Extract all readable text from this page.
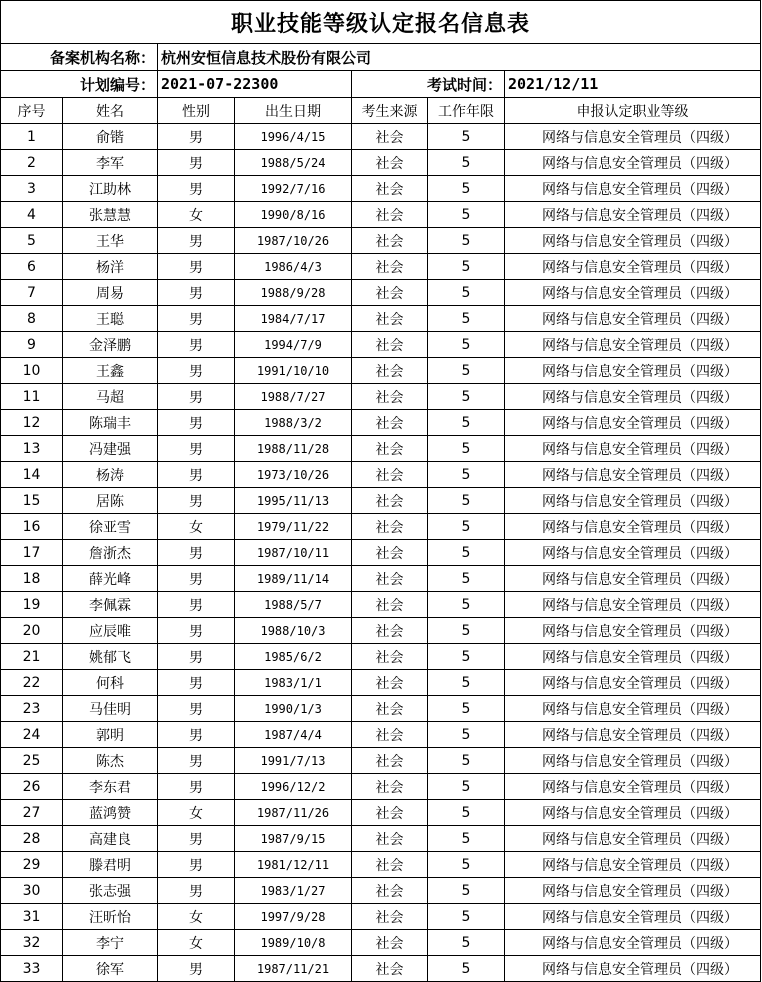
职业技能等级认定报名信息表						
备案机构名称：		杭州安恒信息技术股份有限公司				
计划编号：		2021-07-22300		考试时间：		2021/12/11
序号	姓名	性别	出生日期	考生来源	工作年限	申报认定职业等级
1	俞锴	男	1996/4/15	社会	5	网络与信息安全管理员（四级）
2	李军	男	1988/5/24	社会	5	网络与信息安全管理员（四级）
3	江助林	男	1992/7/16	社会	5	网络与信息安全管理员（四级）
4	张慧慧	女	1990/8/16	社会	5	网络与信息安全管理员（四级）
5	王华	男	1987/10/26	社会	5	网络与信息安全管理员（四级）
6	杨洋	男	1986/4/3	社会	5	网络与信息安全管理员（四级）
7	周易	男	1988/9/28	社会	5	网络与信息安全管理员（四级）
8	王聪	男	1984/7/17	社会	5	网络与信息安全管理员（四级）
9	金泽鹏	男	1994/7/9	社会	5	网络与信息安全管理员（四级）
10	王鑫	男	1991/10/10	社会	5	网络与信息安全管理员（四级）
11	马超	男	1988/7/27	社会	5	网络与信息安全管理员（四级）
12	陈瑞丰	男	1988/3/2	社会	5	网络与信息安全管理员（四级）
13	冯建强	男	1988/11/28	社会	5	网络与信息安全管理员（四级）
14	杨涛	男	1973/10/26	社会	5	网络与信息安全管理员（四级）
15	居陈	男	1995/11/13	社会	5	网络与信息安全管理员（四级）
16	徐亚雪	女	1979/11/22	社会	5	网络与信息安全管理员（四级）
17	詹浙杰	男	1987/10/11	社会	5	网络与信息安全管理员（四级）
18	薛光峰	男	1989/11/14	社会	5	网络与信息安全管理员（四级）
19	李佩霖	男	1988/5/7	社会	5	网络与信息安全管理员（四级）
20	应辰唯	男	1988/10/3	社会	5	网络与信息安全管理员（四级）
21	姚郁飞	男	1985/6/2	社会	5	网络与信息安全管理员（四级）
22	何科	男	1983/1/1	社会	5	网络与信息安全管理员（四级）
23	马佳明	男	1990/1/3	社会	5	网络与信息安全管理员（四级）
24	郭明	男	1987/4/4	社会	5	网络与信息安全管理员（四级）
25	陈杰	男	1991/7/13	社会	5	网络与信息安全管理员（四级）
26	李东君	男	1996/12/2	社会	5	网络与信息安全管理员（四级）
27	蓝鸿赞	女	1987/11/26	社会	5	网络与信息安全管理员（四级）
28	高建良	男	1987/9/15	社会	5	网络与信息安全管理员（四级）
29	滕君明	男	1981/12/11	社会	5	网络与信息安全管理员（四级）
30	张志强	男	1983/1/27	社会	5	网络与信息安全管理员（四级）
31	汪昕怡	女	1997/9/28	社会	5	网络与信息安全管理员（四级）
32	李宁	女	1989/10/8	社会	5	网络与信息安全管理员（四级）
33	徐军	男	1987/11/21	社会	5	网络与信息安全管理员（四级）
